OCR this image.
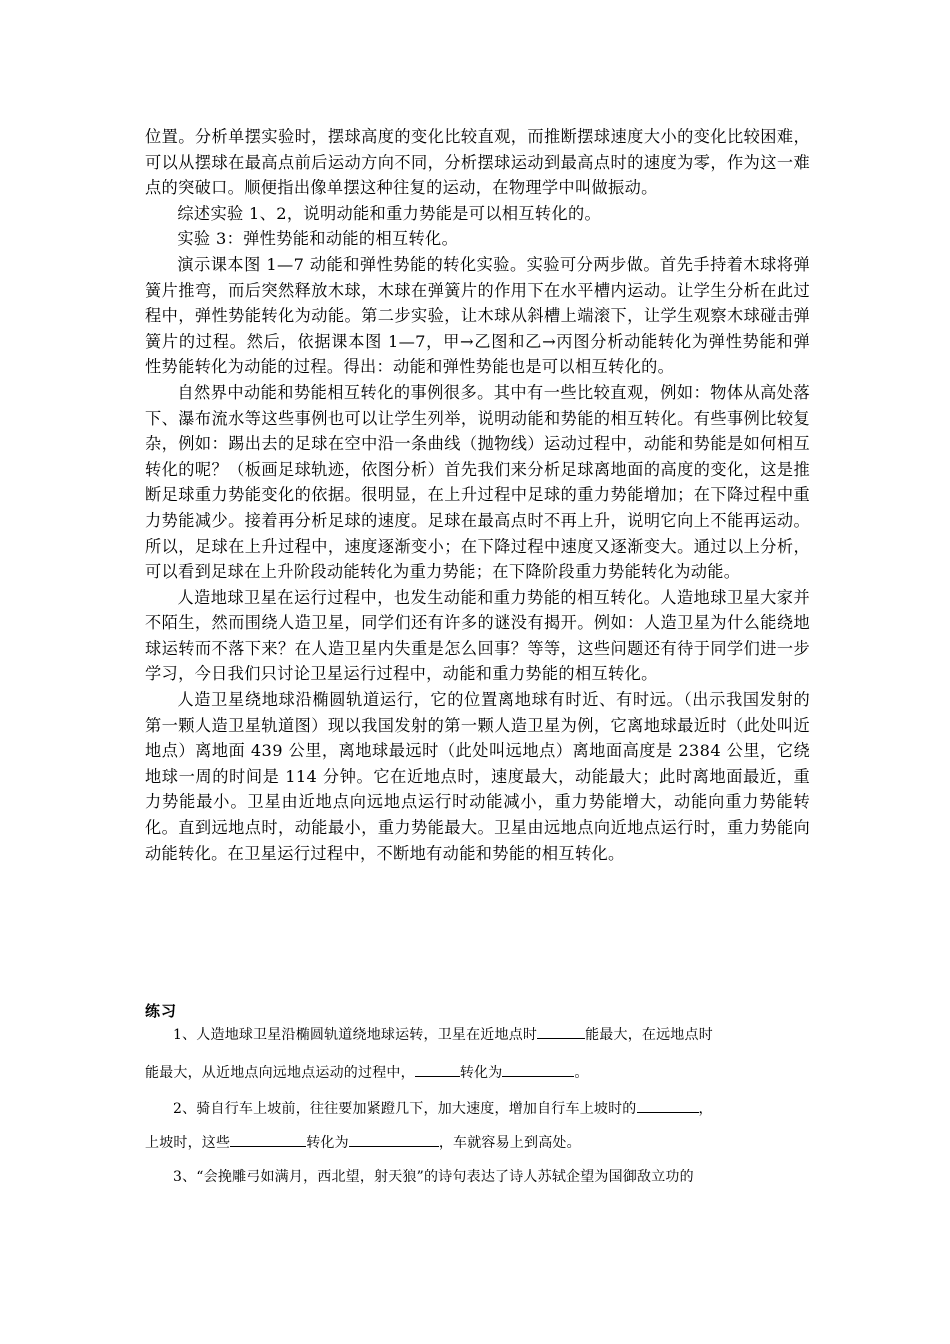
位置。分析单摆实验时，摆球高度的变化比较直观，而推断摆球速度大小的变化比较困难，可以从摆球在最高点前后运动方向不同，分析摆球运动到最高点时的速度为零，作为这一难点的突破口。顺便指出像单摆这种往复的运动，在物理学中叫做振动。

综述实验 1、2，说明动能和重力势能是可以相互转化的。

实验 3：弹性势能和动能的相互转化。

演示课本图 1—7 动能和弹性势能的转化实验。实验可分两步做。首先手持着木球将弹簧片推弯，而后突然释放木球，木球在弹簧片的作用下在水平槽内运动。让学生分析在此过程中，弹性势能转化为动能。第二步实验，让木球从斜槽上端滚下，让学生观察木球碰击弹簧片的过程。然后，依据课本图 1—7，甲→乙图和乙→丙图分析动能转化为弹性势能和弹性势能转化为动能的过程。得出：动能和弹性势能也是可以相互转化的。

自然界中动能和势能相互转化的事例很多。其中有一些比较直观，例如：物体从高处落下、瀑布流水等这些事例也可以让学生列举，说明动能和势能的相互转化。有些事例比较复杂，例如：踢出去的足球在空中沿一条曲线（抛物线）运动过程中，动能和势能是如何相互转化的呢？（板画足球轨迹，依图分析）首先我们来分析足球离地面的高度的变化，这是推断足球重力势能变化的依据。很明显，在上升过程中足球的重力势能增加；在下降过程中重力势能减少。接着再分析足球的速度。足球在最高点时不再上升，说明它向上不能再运动。所以，足球在上升过程中，速度逐渐变小；在下降过程中速度又逐渐变大。通过以上分析，可以看到足球在上升阶段动能转化为重力势能；在下降阶段重力势能转化为动能。

人造地球卫星在运行过程中，也发生动能和重力势能的相互转化。人造地球卫星大家并不陌生，然而围绕人造卫星，同学们还有许多的谜没有揭开。例如：人造卫星为什么能绕地球运转而不落下来？在人造卫星内失重是怎么回事？等等，这些问题还有待于同学们进一步学习，今日我们只讨论卫星运行过程中，动能和重力势能的相互转化。

人造卫星绕地球沿椭圆轨道运行，它的位置离地球有时近、有时远。（出示我国发射的第一颗人造卫星轨道图）现以我国发射的第一颗人造卫星为例，它离地球最近时（此处叫近地点）离地面 439 公里，离地球最远时（此处叫远地点）离地面高度是 2384 公里，它绕地球一周的时间是 114 分钟。它在近地点时，速度最大，动能最大；此时离地面最近，重力势能最小。卫星由近地点向远地点运行时动能减小，重力势能增大，动能向重力势能转化。直到远地点时，动能最小，重力势能最大。卫星由远地点向近地点运行时，重力势能向动能转化。在卫星运行过程中，不断地有动能和势能的相互转化。

练习
1、人造地球卫星沿椭圆轨道绕地球运转，卫星在近地点时	能最大，在远地点时
能最大，从近地点向远地点运动的过程中，	转化为	。
2、骑自行车上坡前，往往要加紧蹬几下，加大速度，增加自行车上坡时的	，
上坡时，这些	转化为	，车就容易上到高处。
3、“会挽雕弓如满月，西北望，射天狼”的诗句表达了诗人苏轼企望为国御敌立功的
